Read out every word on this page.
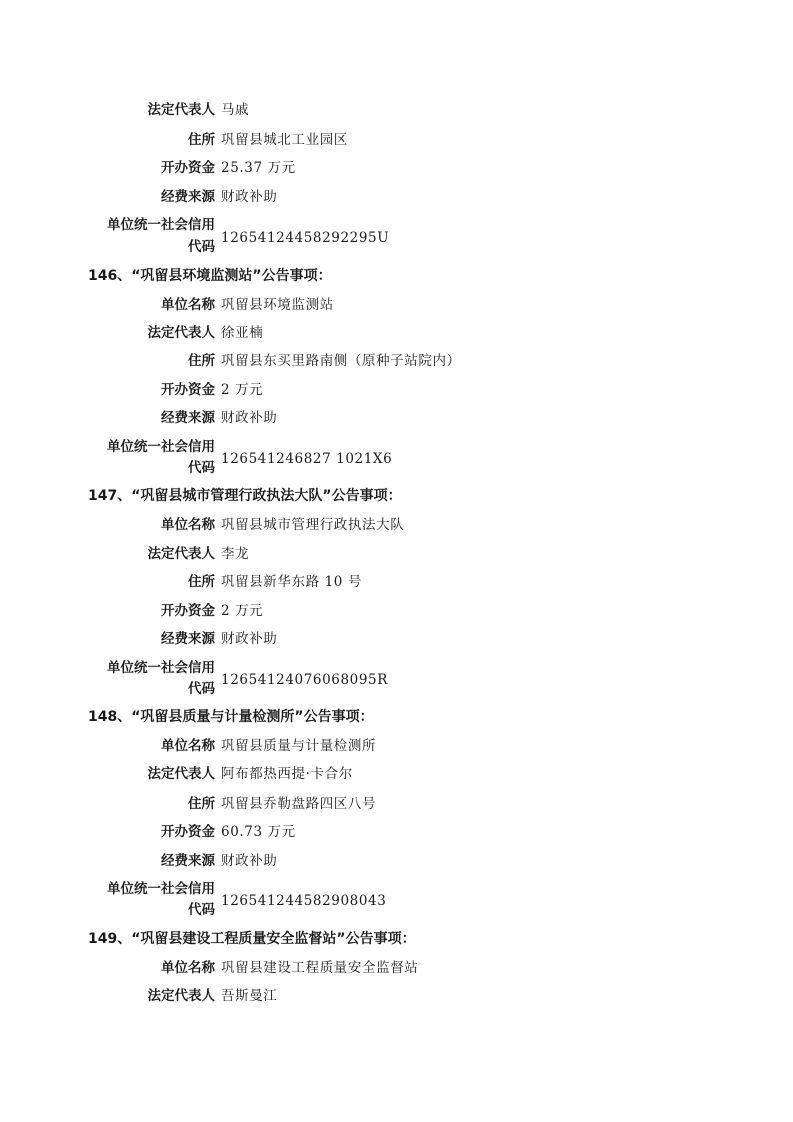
法定代表人 马戚
住所 巩留县城北工业园区
开办资金 25.37 万元
经费来源 财政补助
单位统一社会信用
代码
12654124458292295U
146、“巩留县环境监测站”公告事项：
单位名称 巩留县环境监测站
法定代表人 徐亚楠
住所 巩留县东买里路南侧（原种子站院内）
开办资金 2 万元
经费来源 财政补助
单位统一社会信用
代码
126541246827 1021X6
147、“巩留县城市管理行政执法大队”公告事项：
单位名称 巩留县城市管理行政执法大队
法定代表人 李龙
住所 巩留县新华东路 10 号
开办资金 2 万元
经费来源 财政补助
单位统一社会信用
代码
12654124076068095R
148、“巩留县质量与计量检测所”公告事项：
单位名称 巩留县质量与计量检测所
法定代表人 阿布都热西提·卡合尔
住所 巩留县乔勒盘路四区八号
开办资金 60.73 万元
经费来源 财政补助
单位统一社会信用
代码
126541244582908043
149、“巩留县建设工程质量安全监督站”公告事项：
单位名称 巩留县建设工程质量安全监督站
法定代表人 吾斯曼江
